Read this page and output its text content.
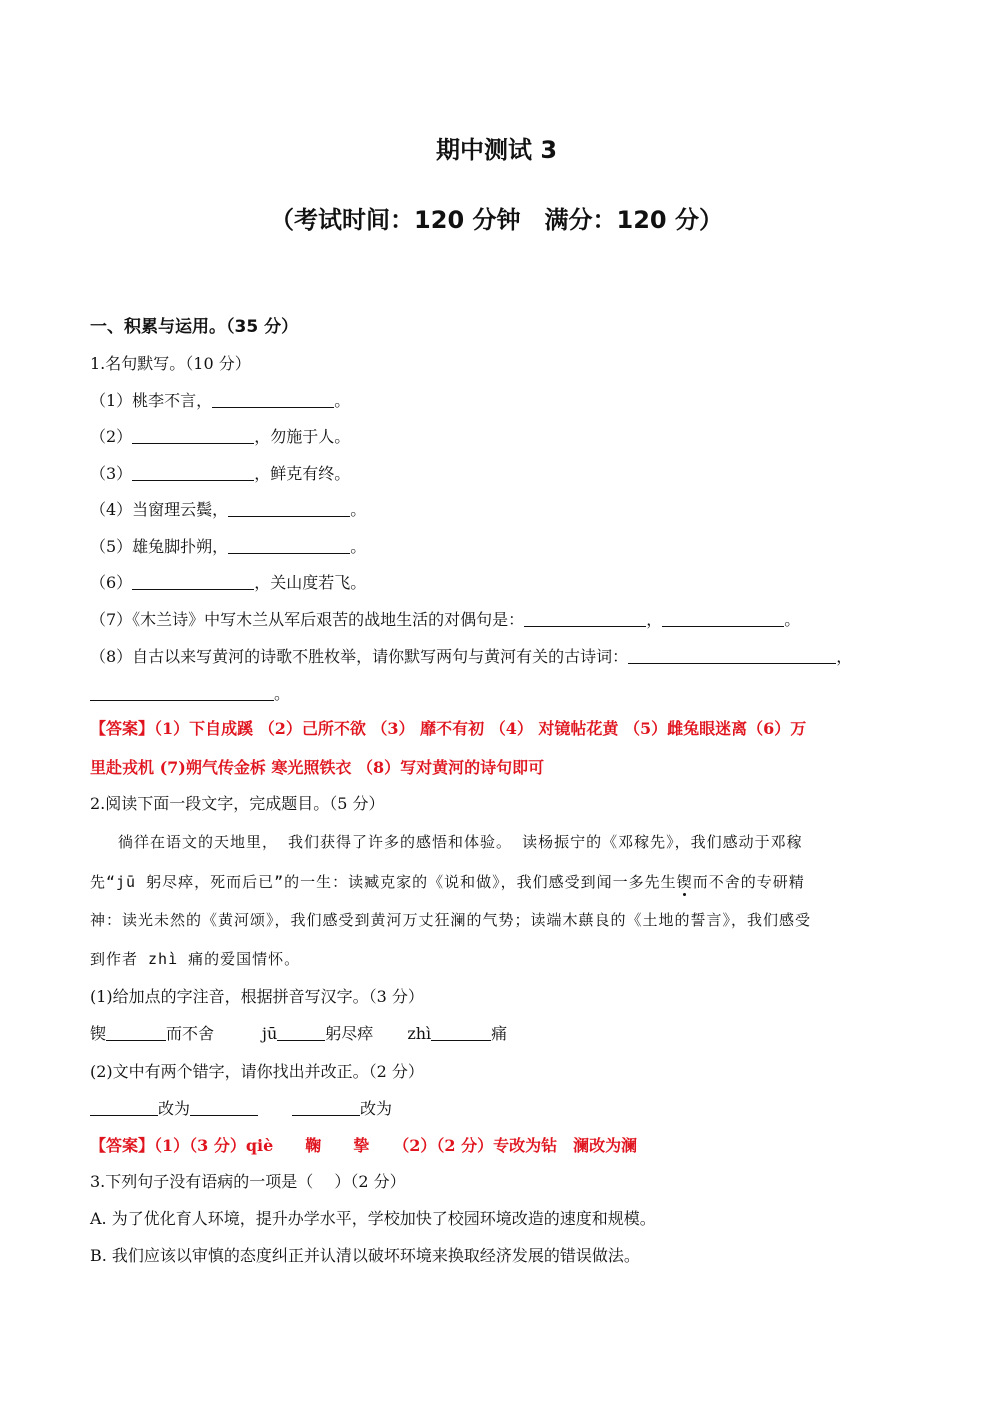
期中测试 3
（考试时间：120 分钟　满分：120 分）
一、积累与运用。（35 分）
1.名句默写。（10 分）
（1）桃李不言，	。
（2）	，勿施于人。
（3）	，鲜克有终。
（4）当窗理云鬓，	。
（5）雄兔脚扑朔，	。
（6）	，关山度若飞。
（7）《木兰诗》中写木兰从军后艰苦的战地生活的对偶句是：	，	。
（8）自古以来写黄河的诗歌不胜枚举，请你默写两句与黄河有关的古诗词：	，
。
【答案】（1）下自成蹊 （2）己所不欲 （3） 靡不有初 （4） 对镜帖花黄 （5）雌兔眼迷离（6）万
里赴戎机 (7)朔气传金柝 寒光照铁衣 （8）写对黄河的诗句即可
2.阅读下面一段文字，完成题目。（5 分）
徜徉在语文的天地里， 我们获得了许多的感悟和体验。 读杨振宁的《邓稼先》，我们感动于邓稼
先“jū 躬尽瘁，死而后已”的一生：读臧克家的《说和做》，我们感受到闻一多先生锲而不舍的专研精
神：读光未然的《黄河颂》，我们感受到黄河万丈狂澜的气势；读端木蕻良的《土地的誓言》，我们感受
到作者 zhì 痛的爱国情怀。
(1)给加点的字注音，根据拼音写汉字。（3 分）
锲	而不舍	jū	躬尽瘁 zhì	痛
(2)文中有两个错字，请你找出并改正。（2 分）
改为	改为
【答案】（1）（3 分）qiè　　鞠　　挚　　（2）（2 分）专改为钻　澜改为澜
3.下列句子没有语病的一项是（　 ）（2 分）
A. 为了优化育人环境，提升办学水平，学校加快了校园环境改造的速度和规模。
B. 我们应该以审慎的态度纠正并认清以破坏环境来换取经济发展的错误做法。
